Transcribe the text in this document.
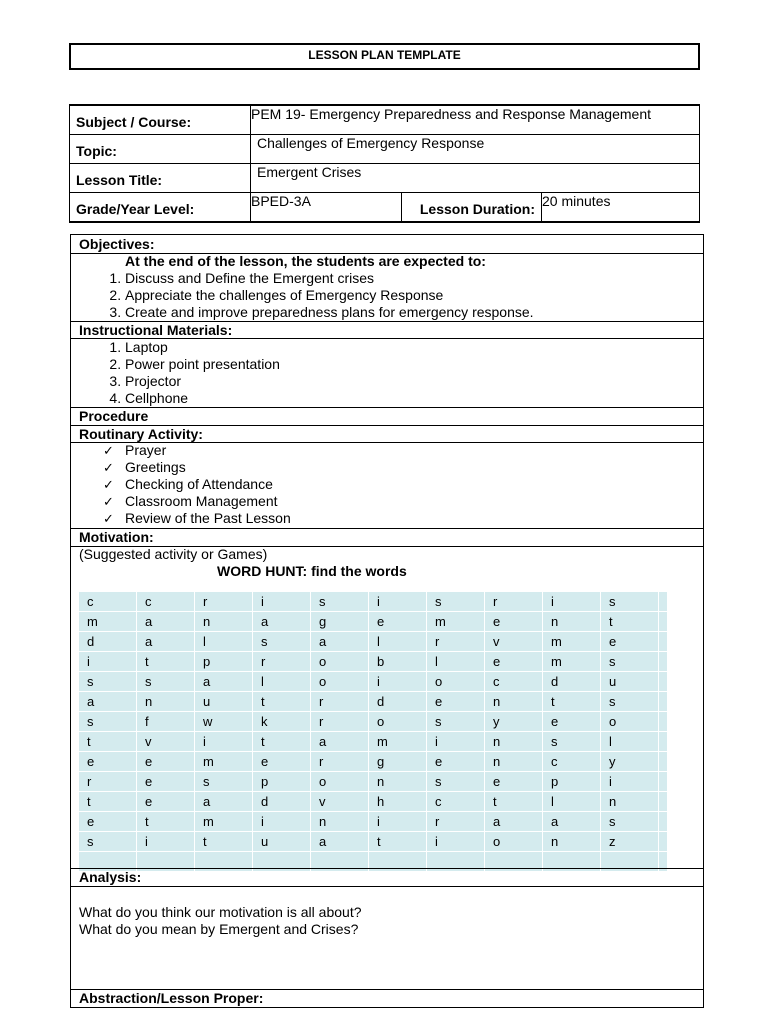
LESSON PLAN TEMPLATE
Subject / Course:	PEM 19- Emergency Preparedness and Response Management		
Topic:	Challenges of Emergency Response		
Lesson Title:	Emergent Crises		
Grade/Year Level:	BPED-3A	Lesson Duration:	20 minutes
Objectives:
At the end of the lesson, the students are expected to:
1. Discuss and Define the Emergent crises
2. Appreciate the challenges of Emergency Response
3. Create and improve preparedness plans for emergency response.
Instructional Materials:
1. Laptop
2. Power point presentation
3. Projector
4. Cellphone
Procedure
Routinary Activity:
✓ Prayer
✓ Greetings
✓ Checking of Attendance
✓ Classroom Management
✓ Review of the Past Lesson
Motivation:
(Suggested activity or Games)
WORD HUNT: find the words
c	c	r	i	s	i	s	r	i	s	
m	a	n	a	g	e	m	e	n	t	
d	a	l	s	a	l	r	v	m	e	
i	t	p	r	o	b	l	e	m	s	
s	s	a	l	o	i	o	c	d	u	
a	n	u	t	r	d	e	n	t	s	
s	f	w	k	r	o	s	y	e	o	
t	v	i	t	a	m	i	n	s	l	
e	e	m	e	r	g	e	n	c	y	
r	e	s	p	o	n	s	e	p	i	
t	e	a	d	v	h	c	t	l	n	
e	t	m	i	n	i	r	a	a	s	
s	i	t	u	a	t	i	o	n	z	

Analysis:
What do you think our motivation is all about?
What do you mean by Emergent and Crises?
Abstraction/Lesson Proper:
